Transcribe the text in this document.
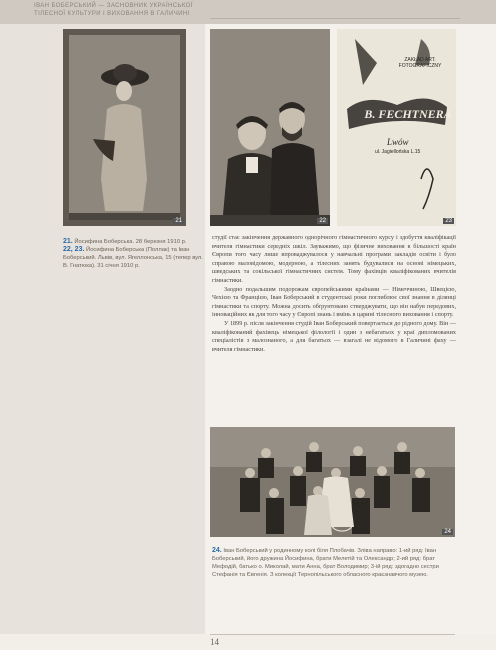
ІВАН БОБЕРСЬКИЙ — ЗАСНОВНИК УКРАЇНСЬКОЇ
ТІЛЕСНОЇ КУЛЬТУРИ І ВИХОВАННЯ В ГАЛИЧИНІ
21	22
ZAKŁAD ART.
FOTOGRAFICZNY
B. FECHTNERA
Lwów
ul. Jagiellońska L.15
23
21. Йосифина Боберська. 28 березня 1910 р.
22, 23. Йосифина Боберська (Поллак) та Іван Боберський. Львів, вул. Ягеллонська, 15 (тепер вул. В. Гнатюка). 31 січня 1910 р.

студії стає закінчення державного однорічного гімнастичного курсу і здобуття кваліфікації вчителя гімнастики середніх шкіл. Зауважимо, що фізичне виховання в більшості країн Європи того часу лише впроваджувалося у навчальні програми закладів освіти і було справою маловідомою, модерною, а тілесних занять будувалися на основі німецьких, шведських та сокільської гімнастичних систем. Тому фахівців кваліфікованих вчителів гімнастики.

Заодно подальшим подорожам європейськими країнами — Німеччиною, Швецією, Чехією та Францією, Іван Боберський в студентські роки поглиблює свої знання в ділянці гімнастики та спорту. Можна досить обґрунтовано стверджувати, що він набув передових, інноваційних як для того часу у Європі знань і вмінь в царині тілесного виховання і спорту.

У 1899 р. після закінчення студій Іван Боберський повертається до рідного дому. Він — кваліфікований фахівець німецької філології і один з небагатьох у краї дипломованих спеціалістів з малознаного, а для багатьох — взагалі не відомого в Галичині фаху — вчителя гімнастики.

24
24. Іван Боберський у родинному колі біля Плобачів. Зліва направо: 1-ий ряд: Іван Боберський, його дружина Йосифина, брати Мелетій та Олександр; 2-ий ряд: брат Мефодій, батько о. Миколай, мати Анна, брат Володимир; 3-ій ряд: здогадно сестри Стефанія та Євгенія. З колекції Тернопільського обласного краєзнавчого музею.
14
